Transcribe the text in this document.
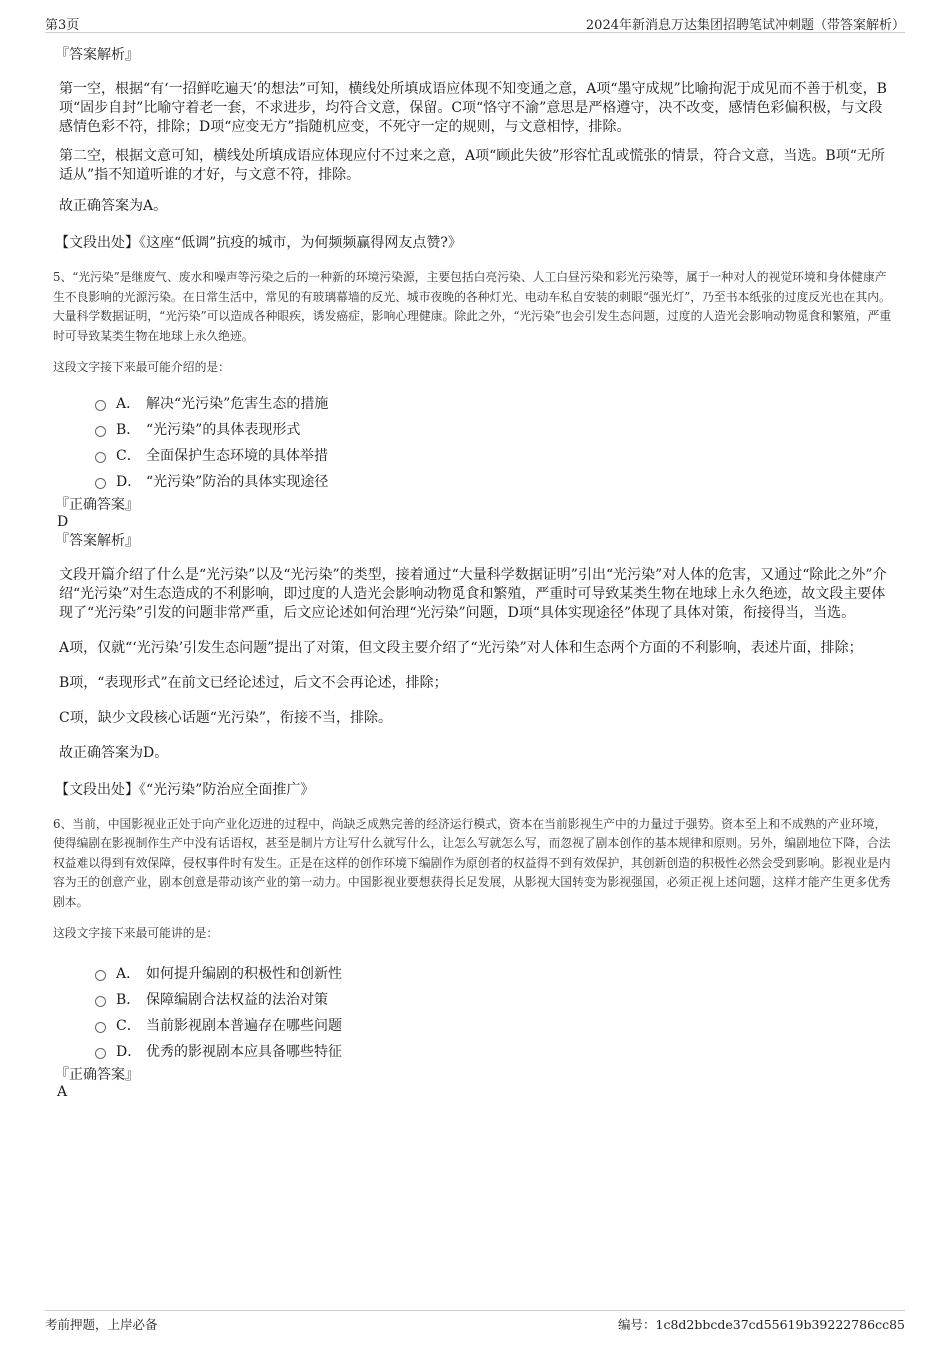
第3页	2024年新消息万达集团招聘笔试冲刺题（带答案解析）

『答案解析』

第一空，根据“有‘一招鲜吃遍天’的想法”可知，横线处所填成语应体现不知变通之意，A项“墨守成规”比喻拘泥于成见而不善于机变，B项“固步自封”比喻守着老一套，不求进步，均符合文意，保留。C项“恪守不渝”意思是严格遵守，决不改变，感情色彩偏积极，与文段感情色彩不符，排除；D项“应变无方”指随机应变，不死守一定的规则，与文意相悖，排除。

第二空，根据文意可知，横线处所填成语应体现应付不过来之意，A项“顾此失彼”形容忙乱或慌张的情景，符合文意，当选。B项“无所适从”指不知道听谁的才好，与文意不符，排除。

故正确答案为A。

【文段出处】《这座“低调”抗疫的城市，为何频频赢得网友点赞?》

5、“光污染”是继废气、废水和噪声等污染之后的一种新的环境污染源，主要包括白亮污染、人工白昼污染和彩光污染等，属于一种对人的视觉环境和身体健康产生不良影响的光源污染。在日常生活中，常见的有玻璃幕墙的反光、城市夜晚的各种灯光、电动车私自安装的刺眼“强光灯”，乃至书本纸张的过度反光也在其内。大量科学数据证明，“光污染”可以造成各种眼疾，诱发癌症，影响心理健康。除此之外，“光污染”也会引发生态问题，过度的人造光会影响动物觅食和繁殖，严重时可导致某类生物在地球上永久绝迹。

这段文字接下来最可能介绍的是：

A． 解决“光污染”危害生态的措施
B． “光污染”的具体表现形式
C． 全面保护生态环境的具体举措
D． “光污染”防治的具体实现途径

『正确答案』

D

『答案解析』

文段开篇介绍了什么是“光污染”以及“光污染”的类型，接着通过“大量科学数据证明”引出“光污染”对人体的危害，又通过“除此之外”介绍“光污染”对生态造成的不利影响，即过度的人造光会影响动物觅食和繁殖，严重时可导致某类生物在地球上永久绝迹，故文段主要体现了“光污染”引发的问题非常严重，后文应论述如何治理“光污染”问题，D项“具体实现途径”体现了具体对策，衔接得当，当选。

A项，仅就“‘光污染’引发生态问题”提出了对策，但文段主要介绍了“光污染”对人体和生态两个方面的不利影响，表述片面，排除；

B项，“表现形式”在前文已经论述过，后文不会再论述，排除；

C项，缺少文段核心话题“光污染”，衔接不当，排除。

故正确答案为D。

【文段出处】《“光污染”防治应全面推广》

6、当前，中国影视业正处于向产业化迈进的过程中，尚缺乏成熟完善的经济运行模式，资本在当前影视生产中的力量过于强势。资本至上和不成熟的产业环境，使得编剧在影视制作生产中没有话语权，甚至是制片方让写什么就写什么，让怎么写就怎么写，而忽视了剧本创作的基本规律和原则。另外，编剧地位下降，合法权益难以得到有效保障，侵权事件时有发生。正是在这样的创作环境下编剧作为原创者的权益得不到有效保护，其创新创造的积极性必然会受到影响。影视业是内容为王的创意产业，剧本创意是带动该产业的第一动力。中国影视业要想获得长足发展，从影视大国转变为影视强国，必须正视上述问题，这样才能产生更多优秀剧本。

这段文字接下来最可能讲的是：

A． 如何提升编剧的积极性和创新性
B． 保障编剧合法权益的法治对策
C． 当前影视剧本普遍存在哪些问题
D． 优秀的影视剧本应具备哪些特征

『正确答案』

A

考前押题，上岸必备	编号：1c8d2bbcde37cd55619b39222786cc85
